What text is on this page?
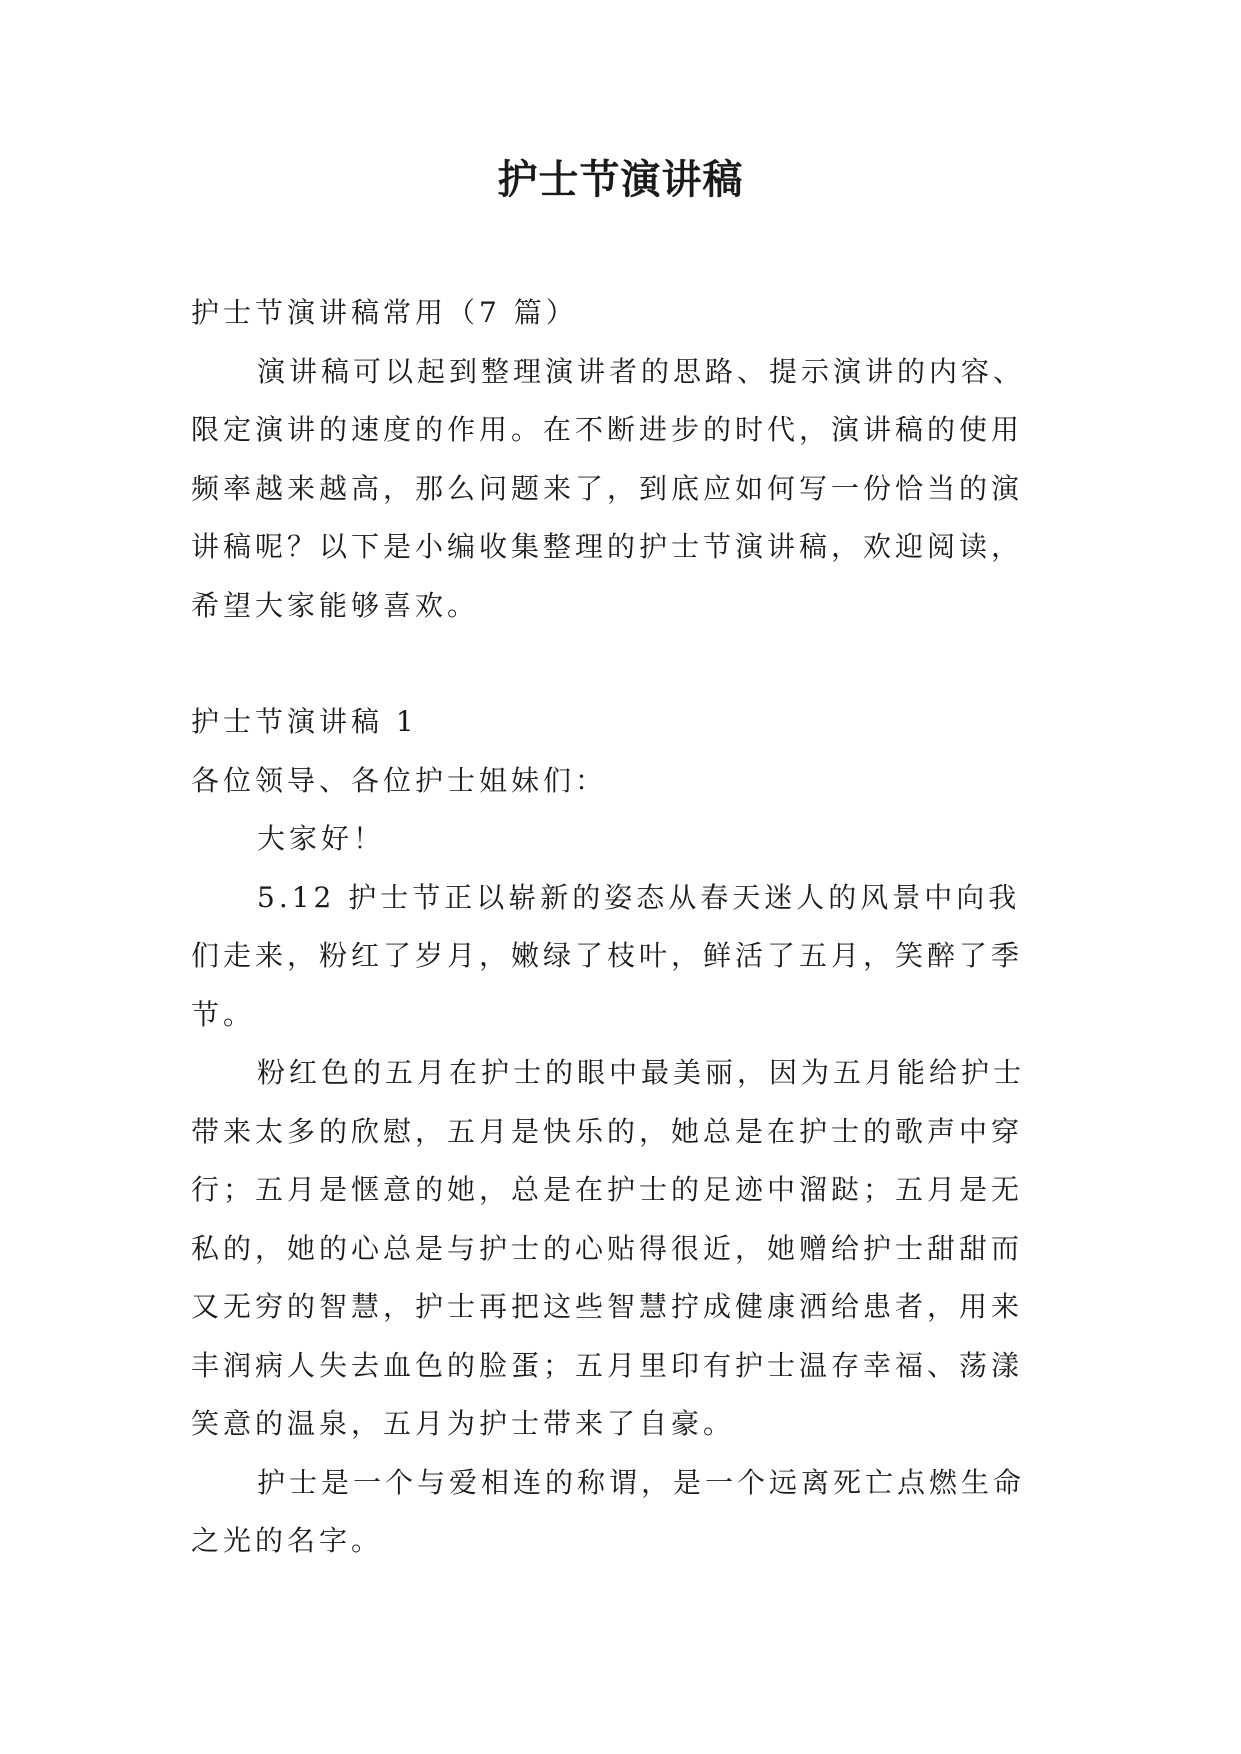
护士节演讲稿
护士节演讲稿常用（7 篇）
演讲稿可以起到整理演讲者的思路、提示演讲的内容、
限定演讲的速度的作用。在不断进步的时代，演讲稿的使用
频率越来越高，那么问题来了，到底应如何写一份恰当的演
讲稿呢？以下是小编收集整理的护士节演讲稿，欢迎阅读，
希望大家能够喜欢。
护士节演讲稿 1
各位领导、各位护士姐妹们：
大家好！
5.12 护士节正以崭新的姿态从春天迷人的风景中向我
们走来，粉红了岁月，嫩绿了枝叶，鲜活了五月，笑醉了季
节。
粉红色的五月在护士的眼中最美丽，因为五月能给护士
带来太多的欣慰，五月是快乐的，她总是在护士的歌声中穿
行；五月是惬意的她，总是在护士的足迹中溜跶；五月是无
私的，她的心总是与护士的心贴得很近，她赠给护士甜甜而
又无穷的智慧，护士再把这些智慧拧成健康洒给患者，用来
丰润病人失去血色的脸蛋；五月里印有护士温存幸福、荡漾
笑意的温泉，五月为护士带来了自豪。
护士是一个与爱相连的称谓，是一个远离死亡点燃生命
之光的名字。
